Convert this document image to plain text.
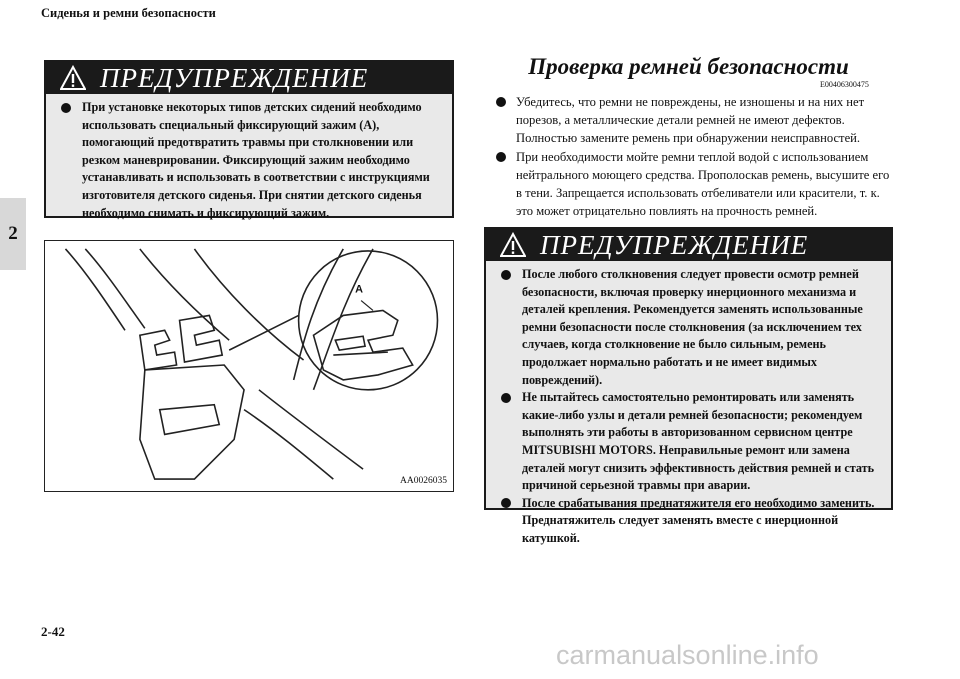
Сиденья и ремни безопасности
2
ПРЕДУПРЕЖДЕНИЕ
При установке некоторых типов детских сидений необходимо использовать специальный фиксирующий зажим (A), помогающий предотвратить травмы при столкновении или резком маневрировании. Фиксирующий зажим необходимо устанавливать и использовать в соответствии с инструкциями изготовителя детского сиденья. При снятии детского сиденья необходимо снимать и фиксирующий зажим.
A
AA0026035
Проверка ремней безопасности
E00406300475
Убедитесь, что ремни не повреждены, не изношены и на них нет порезов, а металлические детали ремней не имеют дефектов. Полностью замените ремень при обнаружении неисправностей.
При необходимости мойте ремни теплой водой с использованием нейтрального моющего средства. Прополоскав ремень, высушите его в тени. Запрещается использовать отбеливатели или красители, т. к. это может отрицательно повлиять на прочность ремней.
ПРЕДУПРЕЖДЕНИЕ
После любого столкновения следует провести осмотр ремней безопасности, включая проверку инерционного механизма и деталей крепления. Рекомендуется заменять использованные ремни безопасности после столкновения (за исключением тех случаев, когда столкновение не было сильным, ремень продолжает нормально работать и не имеет видимых повреждений).
Не пытайтесь самостоятельно ремонтировать или заменять какие-либо узлы и детали ремней безопасности; рекомендуем выполнять эти работы в авторизованном сервисном центре MITSUBISHI MOTORS. Неправильные ремонт или замена деталей могут снизить эффективность действия ремней и стать причиной серьезной травмы при аварии.
После срабатывания преднатяжителя его необходимо заменить. Преднатяжитель следует заменять вместе с инерционной катушкой.
2-42
carmanualsonline.info
